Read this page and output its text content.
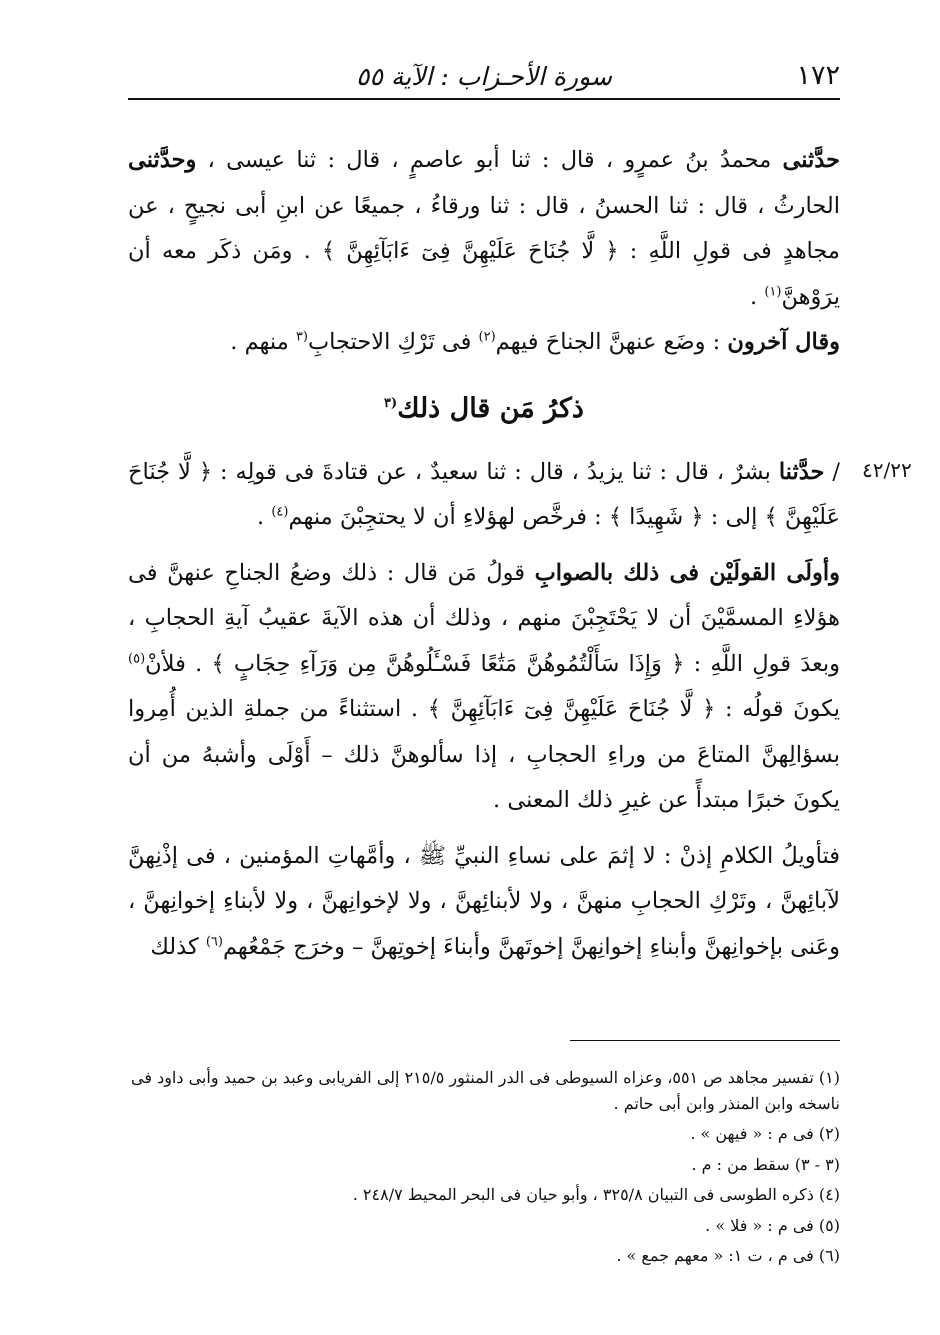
١٧٢
سورة الأحـزاب : الآية ٥٥
٤٢/٢٢

حدَّثنى محمدُ بنُ عمرٍو ، قال : ثنا أبو عاصمٍ ، قال : ثنا عيسى ، وحدَّثنى الحارثُ ، قال : ثنا الحسنُ ، قال : ثنا ورقاءُ ، جميعًا عن ابنِ أبى نجيحٍ ، عن مجاهدٍ فى قولِ اللَّهِ : ﴿ لَّا جُنَاحَ عَلَيْهِنَّ فِىٓ ءَابَآئِهِنَّ ﴾ . ومَن ذكَر معه أن يرَوْهنَّ$^{(١)}$ .

وقال آخرون : وضَع عنهنَّ الجناحَ فيهم$^{(٢)}$ فى تَرْكِ الاحتجابِ$^{(٣}$ منهم .

ذكرُ مَن قال ذلك$^{(٣}$

/ حدَّثنا بشرٌ ، قال : ثنا يزيدُ ، قال : ثنا سعيدٌ ، عن قتادةَ فى قولِه : ﴿ لَّا جُنَاحَ عَلَيْهِنَّ ﴾ إلى : ﴿ شَهِيدًا ﴾ : فرخَّص لهؤلاءِ أن لا يحتجِبْنَ منهم$^{(٤)}$ .

وأولَى القولَيْن فى ذلك بالصوابِ قولُ مَن قال : ذلك وضعُ الجناحِ عنهنَّ فى هؤلاءِ المسمَّيْنَ أن لا يَحْتَجِبْنَ منهم ، وذلك أن هذه الآيةَ عقيبُ آيةِ الحجابِ ، وبعدَ قولِ اللَّهِ : ﴿ وَإِذَا سَأَلْتُمُوهُنَّ مَتَٰعًا فَسْـَٔلُوهُنَّ مِن وَرَآءِ حِجَابٍ ﴾ . فلأنْ$^{(٥)}$ يكونَ قولُه : ﴿ لَّا جُنَاحَ عَلَيْهِنَّ فِىٓ ءَابَآئِهِنَّ ﴾ . استثناءً من جملةِ الذين أُمِروا بسؤالِهنَّ المتاعَ من وراءِ الحجابِ ، إذا سألوهنَّ ذلك – أَوْلَى وأشبهُ من أن يكونَ خبرًا مبتدأً عن غيرِ ذلك المعنى .

فتأويلُ الكلامِ إذنْ : لا إثمَ على نساءِ النبيِّ ﷺ ، وأمَّهاتِ المؤمنين ، فى إذْنِهنَّ لآبائِهنَّ ، وتَرْكِ الحجابِ منهنَّ ، ولا لأبنائِهنَّ ، ولا لإخوانِهنَّ ، ولا لأبناءِ إخوانِهنَّ ، وعَنى بإخوانِهنَّ وأبناءِ إخوانِهنَّ إخوتَهنَّ وأبناءَ إخوتِهنَّ – وخرَج جَمْعُهم$^{(٦)}$ كذلك

(١) تفسير مجاهد ص ٥٥١، وعزاه السيوطى فى الدر المنثور ٢١٥/٥ إلى الفريابى وعبد بن حميد وأبى داود فى ناسخه وابن المنذر وابن أبى حاتم .

(٢) فى م : « فيهن » .

(٣ - ٣) سقط من : م .

(٤) ذكره الطوسى فى التبيان ٣٢٥/٨ ، وأبو حيان فى البحر المحيط ٢٤٨/٧ .

(٥) فى م : « فلا » .

(٦) فى م ، ت ١: « معهم جمع » .
